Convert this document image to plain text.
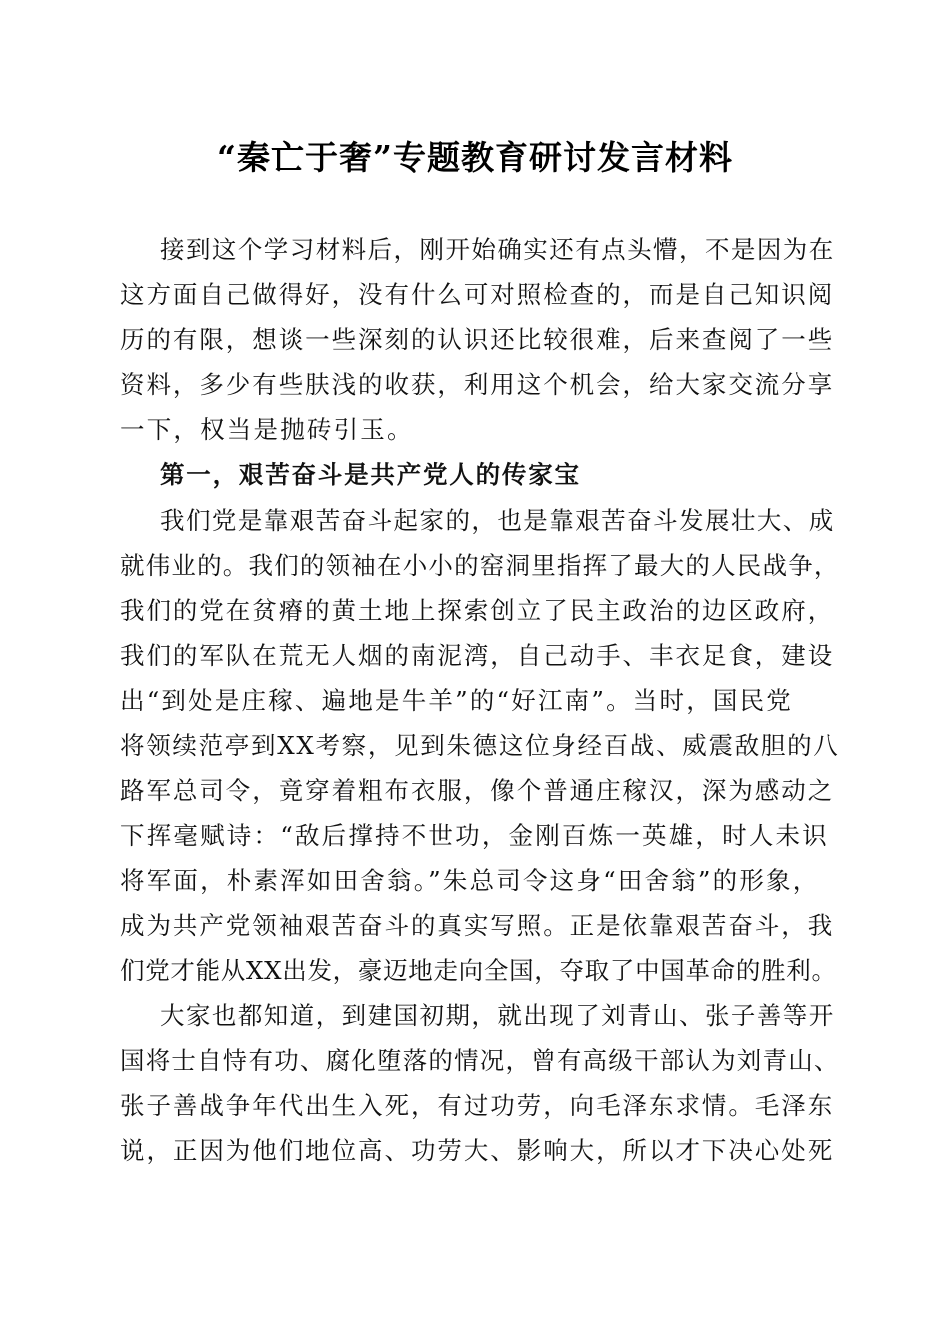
“秦亡于奢”专题教育研讨发言材料

接到这个学习材料后，刚开始确实还有点头懵，不是因为在

这方面自己做得好，没有什么可对照检查的，而是自己知识阅

历的有限，想谈一些深刻的认识还比较很难，后来查阅了一些

资料，多少有些肤浅的收获，利用这个机会，给大家交流分享

一下，权当是抛砖引玉。

第一，艰苦奋斗是共产党人的传家宝

我们党是靠艰苦奋斗起家的，也是靠艰苦奋斗发展壮大、成

就伟业的。我们的领袖在小小的窑洞里指挥了最大的人民战争，

我们的党在贫瘠的黄土地上探索创立了民主政治的边区政府，

我们的军队在荒无人烟的南泥湾，自己动手、丰衣足食，建设

出“到处是庄稼、遍地是牛羊”的“好江南”。当时，国民党

将领续范亭到XX考察，见到朱德这位身经百战、威震敌胆的八

路军总司令，竟穿着粗布衣服，像个普通庄稼汉，深为感动之

下挥毫赋诗：“敌后撑持不世功，金刚百炼一英雄，时人未识

将军面，朴素浑如田舍翁。”朱总司令这身“田舍翁”的形象，

成为共产党领袖艰苦奋斗的真实写照。正是依靠艰苦奋斗，我

们党才能从XX出发，豪迈地走向全国，夺取了中国革命的胜利。

大家也都知道，到建国初期，就出现了刘青山、张子善等开

国将士自恃有功、腐化堕落的情况，曾有高级干部认为刘青山、

张子善战争年代出生入死，有过功劳，向毛泽东求情。毛泽东

说，正因为他们地位高、功劳大、影响大，所以才下决心处死
